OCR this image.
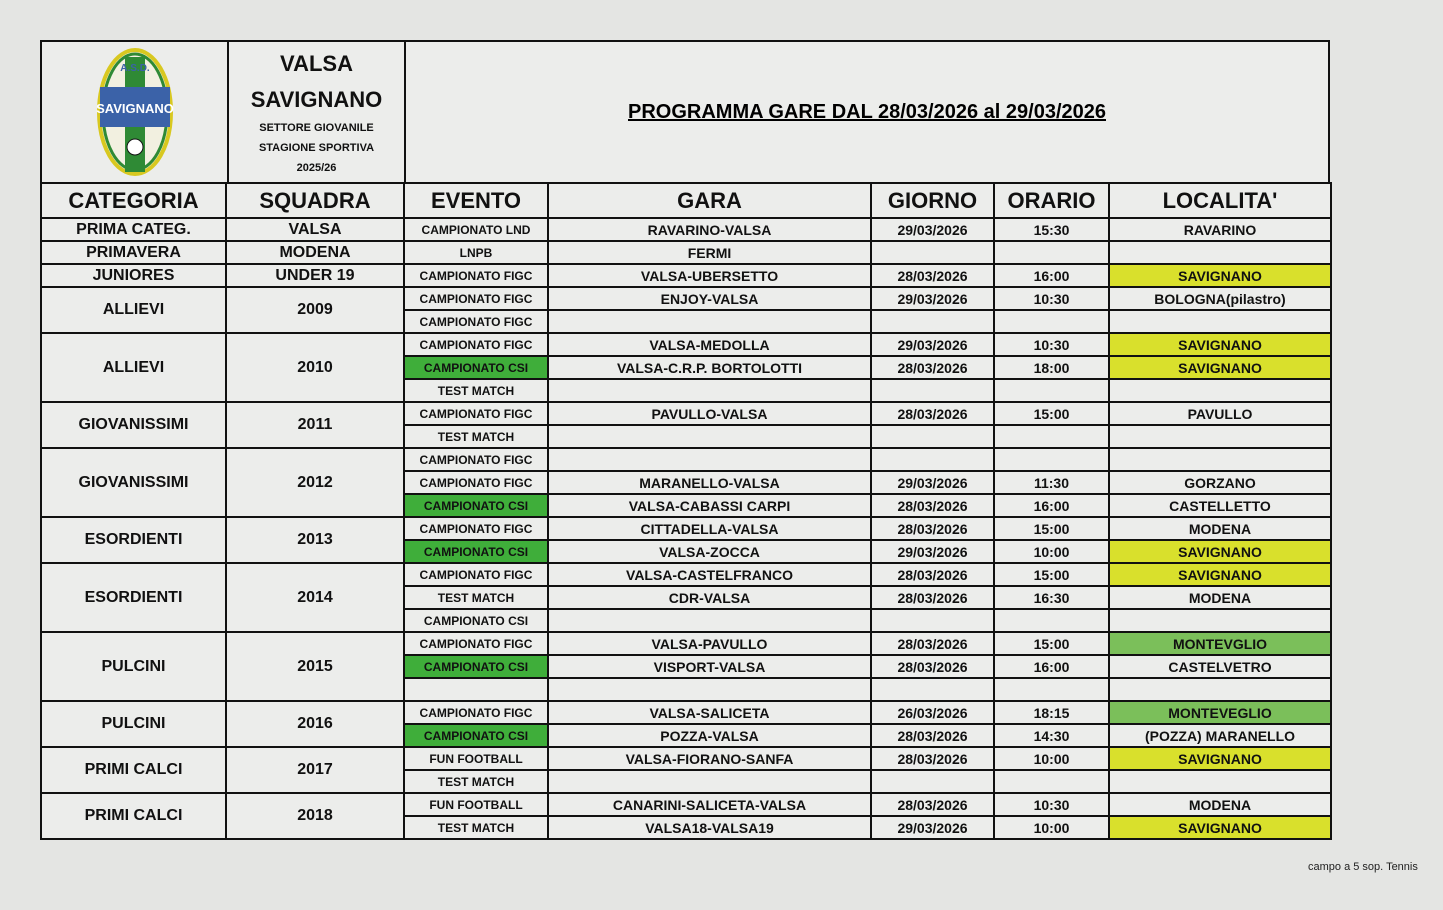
A.S.D.
SAVIGNANO
VALSA
SAVIGNANO
SETTORE GIOVANILE
STAGIONE SPORTIVA
2025/26
PROGRAMMA GARE DAL 28/03/2026 al 29/03/2026
CATEGORIA	SQUADRA	EVENTO	GARA	GIORNO	ORARIO	LOCALITA'
PRIMA CATEG.	VALSA	CAMPIONATO LND	RAVARINO-VALSA	29/03/2026	15:30	RAVARINO
PRIMAVERA	MODENA	LNPB	FERMI			
JUNIORES	UNDER 19	CAMPIONATO FIGC	VALSA-UBERSETTO	28/03/2026	16:00	SAVIGNANO
ALLIEVI	2009	CAMPIONATO FIGC	ENJOY-VALSA	29/03/2026	10:30	BOLOGNA(pilastro)
		CAMPIONATO FIGC				
ALLIEVI	2010	CAMPIONATO FIGC	VALSA-MEDOLLA	29/03/2026	10:30	SAVIGNANO
		CAMPIONATO CSI	VALSA-C.R.P. BORTOLOTTI	28/03/2026	18:00	SAVIGNANO
		TEST MATCH				
GIOVANISSIMI	2011	CAMPIONATO FIGC	PAVULLO-VALSA	28/03/2026	15:00	PAVULLO
		TEST MATCH				
GIOVANISSIMI	2012	CAMPIONATO FIGC				
		CAMPIONATO FIGC	MARANELLO-VALSA	29/03/2026	11:30	GORZANO
		CAMPIONATO CSI	VALSA-CABASSI CARPI	28/03/2026	16:00	CASTELLETTO
ESORDIENTI	2013	CAMPIONATO FIGC	CITTADELLA-VALSA	28/03/2026	15:00	MODENA
		CAMPIONATO CSI	VALSA-ZOCCA	29/03/2026	10:00	SAVIGNANO
ESORDIENTI	2014	CAMPIONATO FIGC	VALSA-CASTELFRANCO	28/03/2026	15:00	SAVIGNANO
		TEST MATCH	CDR-VALSA	28/03/2026	16:30	MODENA
		CAMPIONATO CSI				
PULCINI	2015	CAMPIONATO FIGC	VALSA-PAVULLO	28/03/2026	15:00	MONTEVGLIO
		CAMPIONATO CSI	VISPORT-VALSA	28/03/2026	16:00	CASTELVETRO

PULCINI	2016	CAMPIONATO FIGC	VALSA-SALICETA	26/03/2026	18:15	MONTEVEGLIO
		CAMPIONATO CSI	POZZA-VALSA	28/03/2026	14:30	(POZZA) MARANELLO
PRIMI CALCI	2017	FUN FOOTBALL	VALSA-FIORANO-SANFA	28/03/2026	10:00	SAVIGNANO
		TEST MATCH				
PRIMI CALCI	2018	FUN FOOTBALL	CANARINI-SALICETA-VALSA	28/03/2026	10:30	MODENA
		TEST MATCH	VALSA18-VALSA19	29/03/2026	10:00	SAVIGNANO
campo a 5 sop. Tennis
